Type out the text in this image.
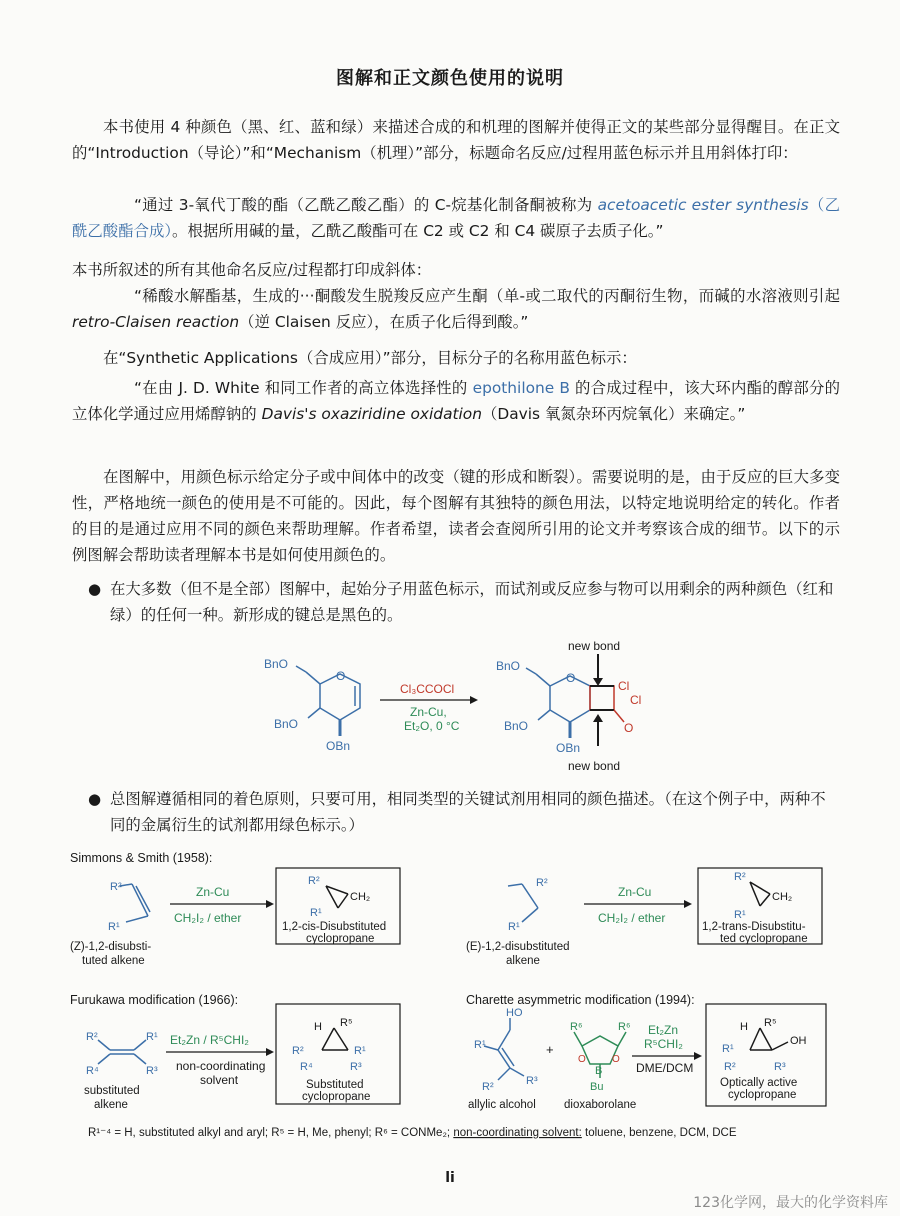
图解和正文颜色使用的说明
本书使用 4 种颜色（黑、红、蓝和绿）来描述合成的和机理的图解并使得正文的某些部分显得醒目。在正文的“Introduction（导论）”和“Mechanism（机理）”部分，标题命名反应/过程用蓝色标示并且用斜体打印：
“通过 3-氧代丁酸的酯（乙酰乙酸乙酯）的 C-烷基化制备酮被称为 acetoacetic ester synthesis（乙酰乙酸酯合成）。根据所用碱的量，乙酰乙酸酯可在 C2 或 C2 和 C4 碳原子去质子化。”
本书所叙述的所有其他命名反应/过程都打印成斜体：
“稀酸水解酯基，生成的···酮酸发生脱羧反应产生酮（单-或二取代的丙酮衍生物，而碱的水溶液则引起 retro-Claisen reaction（逆 Claisen 反应），在质子化后得到酸。”
在“Synthetic Applications（合成应用）”部分，目标分子的名称用蓝色标示：
“在由 J. D. White 和同工作者的高立体选择性的 epothilone B 的合成过程中，该大环内酯的醇部分的立体化学通过应用烯醇钠的 Davis's oxaziridine oxidation（Davis 氧氮杂环丙烷氧化）来确定。”
在图解中，用颜色标示给定分子或中间体中的改变（键的形成和断裂）。需要说明的是，由于反应的巨大多变性，严格地统一颜色的使用是不可能的。因此，每个图解有其独特的颜色用法，以特定地说明给定的转化。作者的目的是通过应用不同的颜色来帮助理解。作者希望，读者会查阅所引用的论文并考察该合成的细节。以下的示例图解会帮助读者理解本书是如何使用颜色的。
● 在大多数（但不是全部）图解中，起始分子用蓝色标示，而试剂或反应参与物可以用剩余的两种颜色（红和绿）的任何一种。新形成的键总是黑色的。
BnO
O
BnO
OBn
Cl₃CCOCl
Zn-Cu,
Et₂O, 0 °C
BnO
O
BnO
OBn
Cl
Cl
O
new bond
new bond
● 总图解遵循相同的着色原则，只要可用，相同类型的关键试剂用相同的颜色描述。（在这个例子中，两种不同的金属衍生的试剂都用绿色标示。）
Simmons & Smith (1958):
R²
R¹
(Z)-1,2-disubsti-
tuted alkene
Zn-Cu
CH₂I₂ / ether
R²
CH₂
R¹
1,2-cis-Disubstituted
cyclopropane
R²
R¹
(E)-1,2-disubstituted
alkene
Zn-Cu
CH₂I₂ / ether
R²
CH₂
R¹
1,2-trans-Disubstitu-
ted cyclopropane
Furukawa modification (1966):
R²
R⁴
R¹
R³
substituted
alkene
Et₂Zn / R⁵CHI₂
non-coordinating
solvent
H R⁵
R²	R¹
R⁴	R³
Substituted
cyclopropane
Charette asymmetric modification (1994):
HO
R¹
R²	R³
allylic alcohol
+
R⁶	R⁶
O	O
B
Bu
dioxaborolane
Et₂Zn
R⁵CHI₂
DME/DCM
H R⁵
OH
R¹
R²	R³
Optically active
cyclopropane
R¹⁻⁴ = H, substituted alkyl and aryl; R⁵ = H, Me, phenyl; R⁶ = CONMe₂; non-coordinating solvent: toluene, benzene, DCM, DCE
li
123化学网，最大的化学资料库
